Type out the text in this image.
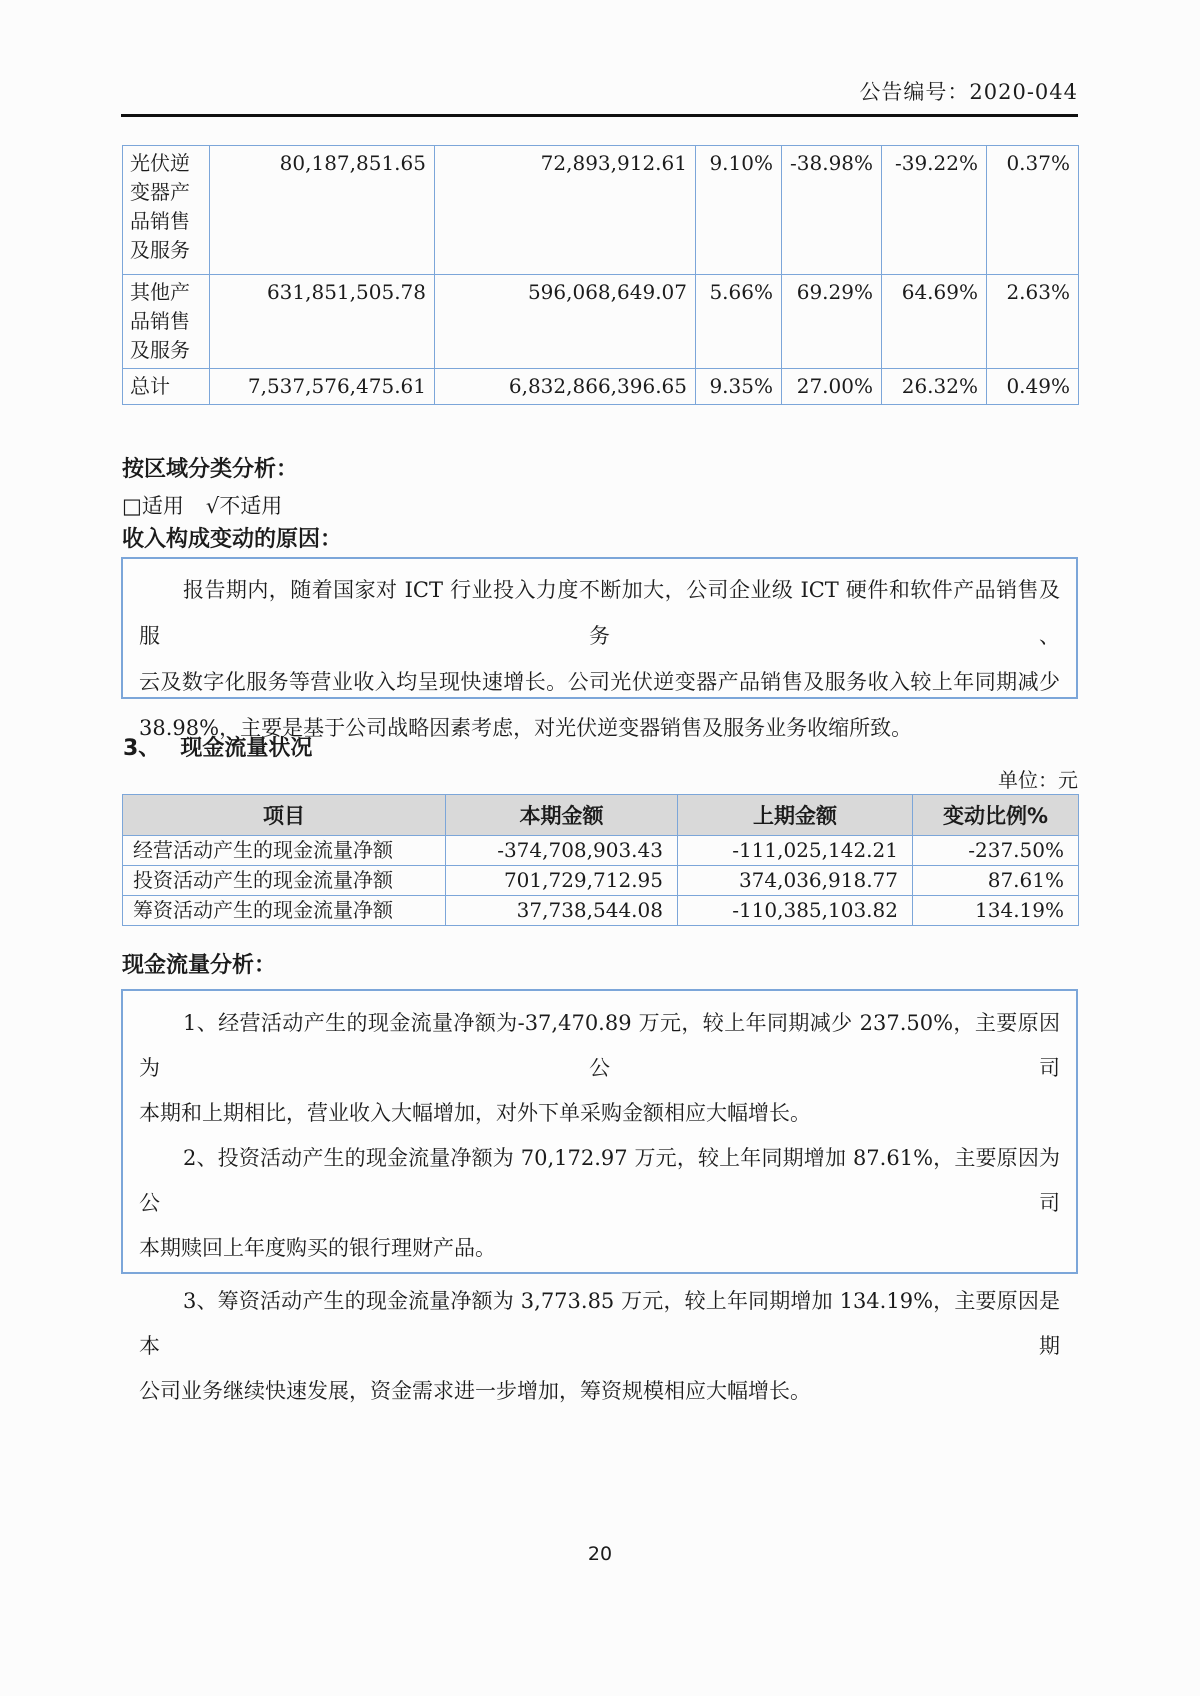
公告编号：2020-044
光伏逆变器产品销售及服务	80,187,851.65	72,893,912.61	9.10%	-38.98%	-39.22%	0.37%
其他产品销售及服务	631,851,505.78	596,068,649.07	5.66%	69.29%	64.69%	2.63%
总计	7,537,576,475.61	6,832,866,396.65	9.35%	27.00%	26.32%	0.49%
按区域分类分析：
□适用 √不适用
收入构成变动的原因：
报告期内，随着国家对 ICT 行业投入力度不断加大，公司企业级 ICT 硬件和软件产品销售及服务、
云及数字化服务等营业收入均呈现快速增长。公司光伏逆变器产品销售及服务收入较上年同期减少
38.98%，主要是基于公司战略因素考虑，对光伏逆变器销售及服务业务收缩所致。
3、 现金流量状况
单位：元
项目	本期金额	上期金额	变动比例%
经营活动产生的现金流量净额	-374,708,903.43	-111,025,142.21	-237.50%
投资活动产生的现金流量净额	701,729,712.95	374,036,918.77	87.61%
筹资活动产生的现金流量净额	37,738,544.08	-110,385,103.82	134.19%
现金流量分析：
1、经营活动产生的现金流量净额为-37,470.89 万元，较上年同期减少 237.50%，主要原因为公司
本期和上期相比，营业收入大幅增加，对外下单采购金额相应大幅增长。
2、投资活动产生的现金流量净额为 70,172.97 万元，较上年同期增加 87.61%，主要原因为公司
本期赎回上年度购买的银行理财产品。
3、筹资活动产生的现金流量净额为 3,773.85 万元，较上年同期增加 134.19%，主要原因是本期
公司业务继续快速发展，资金需求进一步增加，筹资规模相应大幅增长。
20
